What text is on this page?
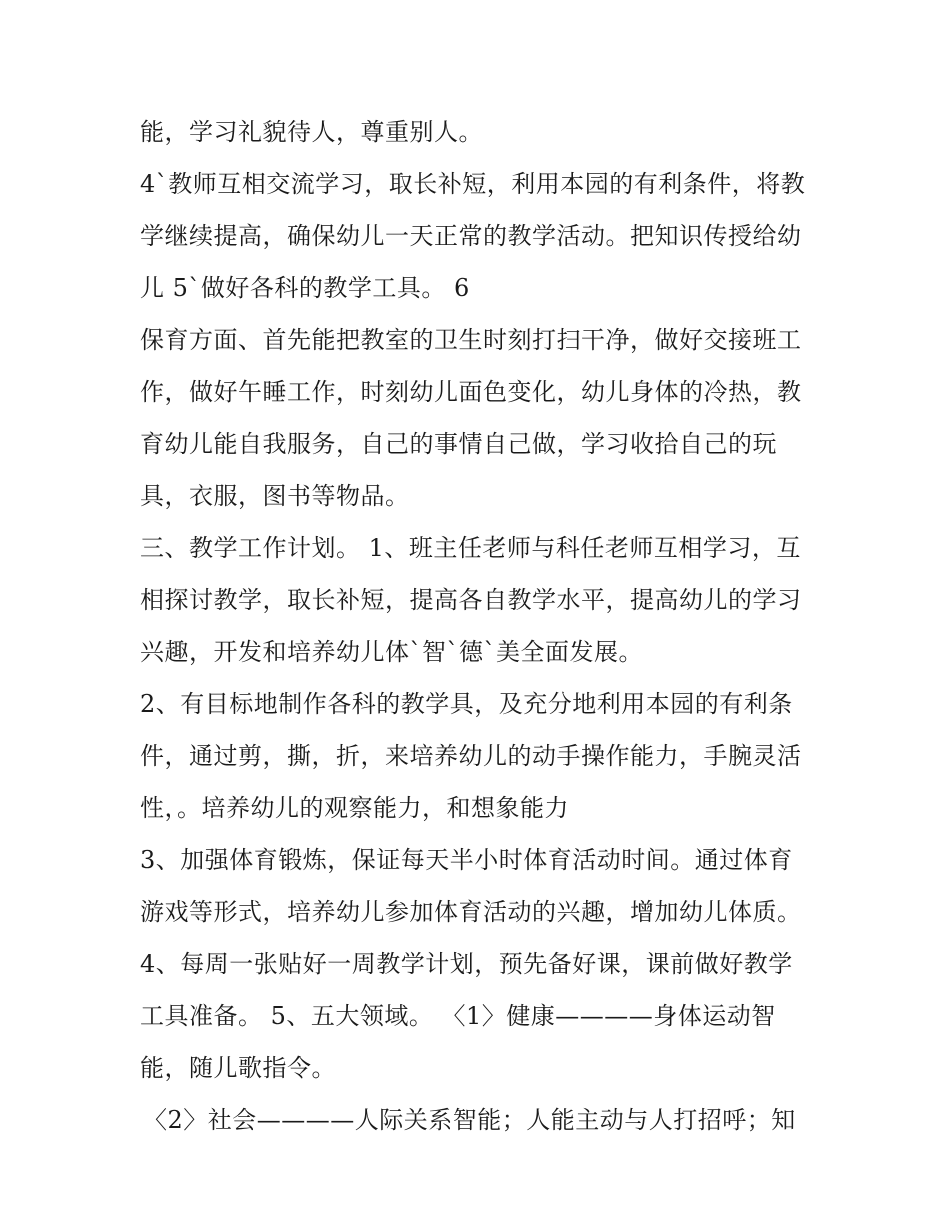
能，学习礼貌待人，尊重别人。
4`教师互相交流学习，取长补短，利用本园的有利条件，将教
学继续提高，确保幼儿一天正常的教学活动。把知识传授给幼
儿 5`做好各科的教学工具。 6
保育方面、首先能把教室的卫生时刻打扫干净，做好交接班工
作，做好午睡工作，时刻幼儿面色变化，幼儿身体的冷热，教
育幼儿能自我服务，自己的事情自己做，学习收拾自己的玩
具，衣服，图书等物品。
三、教学工作计划。 1、班主任老师与科任老师互相学习，互
相探讨教学，取长补短，提高各自教学水平，提高幼儿的学习
兴趣，开发和培养幼儿体`智`德`美全面发展。
2、有目标地制作各科的教学具，及充分地利用本园的有利条
件，通过剪，撕，折，来培养幼儿的动手操作能力，手腕灵活
性，。培养幼儿的观察能力，和想象能力
3、加强体育锻炼，保证每天半小时体育活动时间。通过体育
游戏等形式，培养幼儿参加体育活动的兴趣，增加幼儿体质。
4、每周一张贴好一周教学计划，预先备好课，课前做好教学
工具准备。 5、五大领域。 〈1〉健康————身体运动智
能，随儿歌指令。
〈2〉社会————人际关系智能；人能主动与人打招呼；知
